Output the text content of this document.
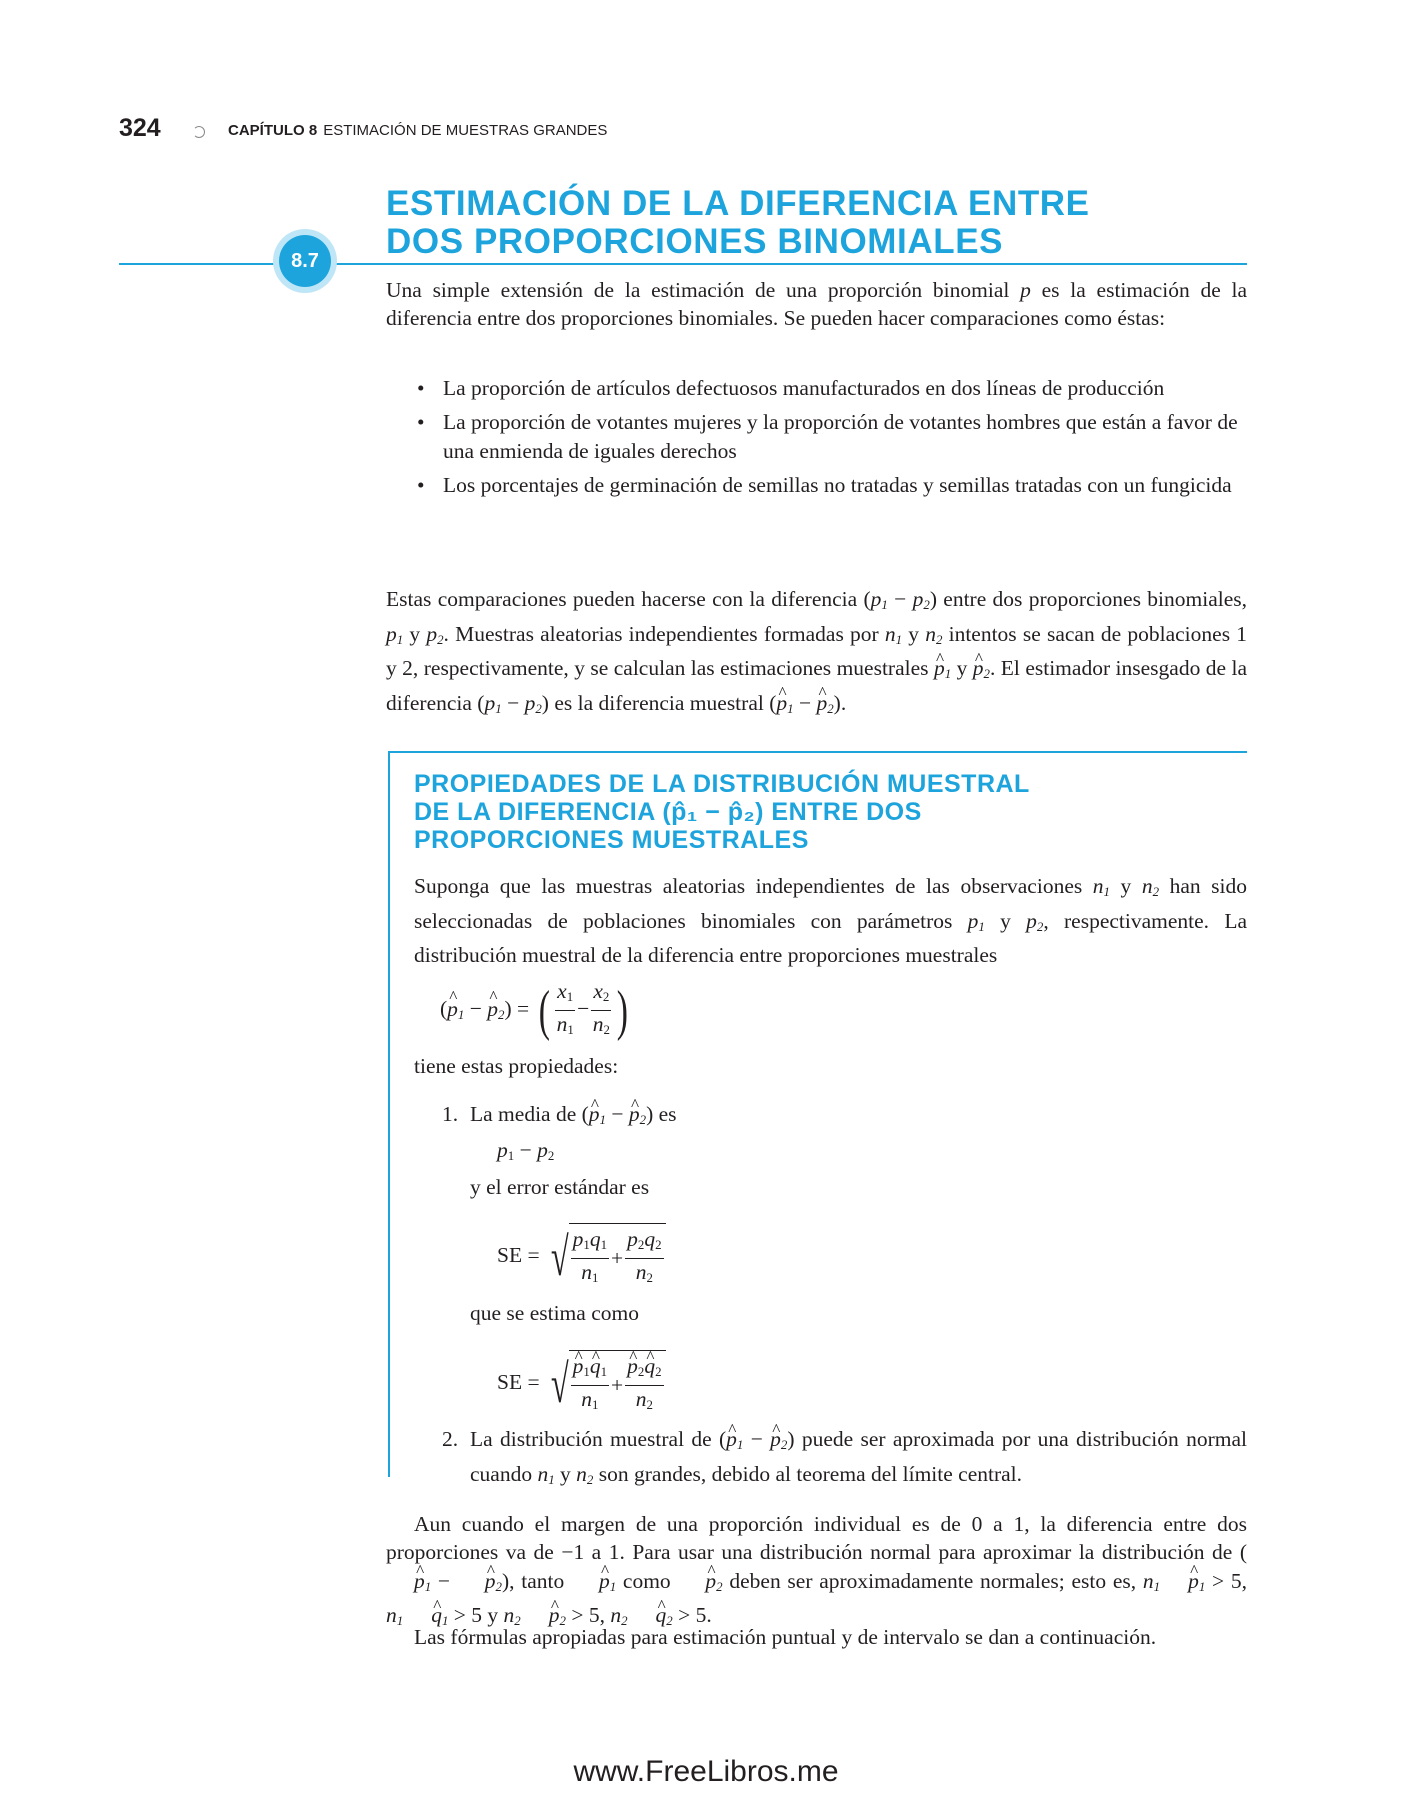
324	CAPÍTULO 8 ESTIMACIÓN DE MUESTRAS GRANDES
ESTIMACIÓN DE LA DIFERENCIA ENTRE
DOS PROPORCIONES BINOMIALES
8.7
Una simple extensión de la estimación de una proporción binomial p es la estimación de la diferencia entre dos proporciones binomiales. Se pueden hacer comparaciones como éstas:
• La proporción de artículos defectuosos manufacturados en dos líneas de producción
• La proporción de votantes mujeres y la proporción de votantes hombres que están a favor de una enmienda de iguales derechos
• Los porcentajes de germinación de semillas no tratadas y semillas tratadas con un fungicida
Estas comparaciones pueden hacerse con la diferencia $(p_1 - p_2)$ entre dos proporciones binomiales, $p_1$ y $p_2$. Muestras aleatorias independientes formadas por $n_1$ y $n_2$ intentos se sacan de poblaciones 1 y 2, respectivamente, y se calculan las estimaciones muestrales ^ $p_1$ y ^ $p_2$. El estimador insesgado de la diferencia $(p_1 - p_2)$ es la diferencia muestral (^ $p_1$ − ^ $p_2$).
PROPIEDADES DE LA DISTRIBUCIÓN MUESTRAL
DE LA DIFERENCIA (p̂₁ − p̂₂) ENTRE DOS
PROPORCIONES MUESTRALES
Suponga que las muestras aleatorias independientes de las observaciones $n_1$ y $n_2$ han sido seleccionadas de poblaciones binomiales con parámetros $p_1$ y $p_2$, respectivamente. La distribución muestral de la diferencia entre proporciones muestrales
(^ $p_1$ − ^ $p_2$) = ( $\frac{x_1}{n_1} - \frac{x_2}{n_2}$ )
tiene estas propiedades:
1. La media de (^ $p_1$ − ^ $p_2$) es
$p_1 - p_2$
y el error estándar es
SE = √ $\frac{p_1q_1}{n_1} + \frac{p_2q_2}{n_2}$
que se estima como
SE = √ ^ $\frac{p_1\^{} q_1}{n_1}$ + ^ $\frac{p_2\^{} q_2}{n_2}$
2. La distribución muestral de (^ $p_1$ − ^ $p_2$) puede ser aproximada por una distribución normal cuando $n_1$ y $n_2$ son grandes, debido al teorema del límite central.
Aun cuando el margen de una proporción individual es de 0 a 1, la diferencia entre dos proporciones va de −1 a 1. Para usar una distribución normal para aproximar la distribución de (^ $p_1$ − ^ $p_2$), tanto ^ $p_1$ como ^ $p_2$ deben ser aproximadamente normales; esto es, $n_1$ ^ $p_1 > 5$, $n_1$ ^ $q_1 > 5$ y $n_2$ ^ $p_2 > 5$, $n_2$ ^ $q_2 > 5$.
Las fórmulas apropiadas para estimación puntual y de intervalo se dan a continuación.
www.FreeLibros.me
